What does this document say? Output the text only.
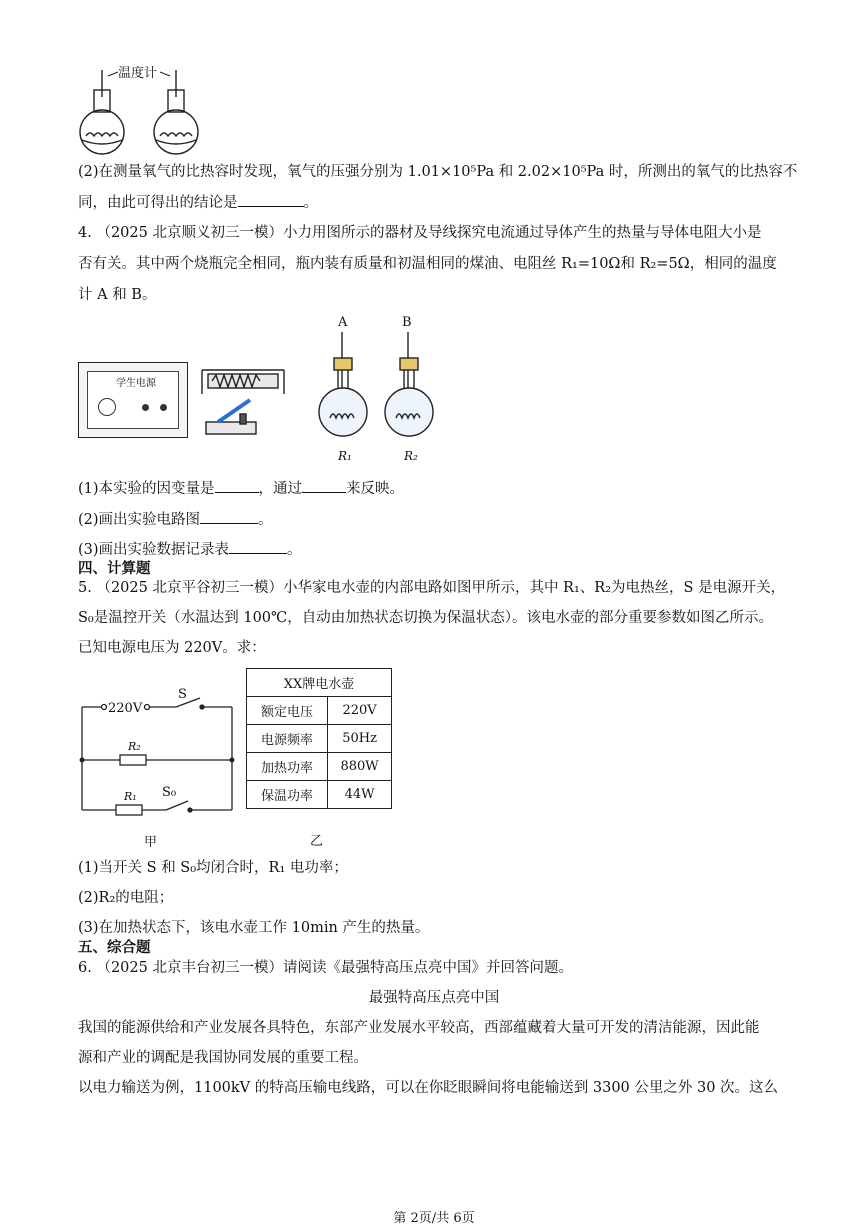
温度计
(2)在测量氧气的比热容时发现，氧气的压强分别为 1.01×10⁵Pa 和 2.02×10⁵Pa 时，所测出的氧气的比热容不
同，由此可得出的结论是	。
4. （2025 北京顺义初三一模）小力用图所示的器材及导线探究电流通过导体产生的热量与导体电阻大小是
否有关。其中两个烧瓶完全相同，瓶内装有质量和初温相同的煤油、电阻丝 R₁=10Ω和 R₂=5Ω，相同的温度
计 A 和 B。
学生电源
A	B
R₁	R₂
(1)本实验的因变量是	，通过	来反映。
(2)画出实验电路图	。
(3)画出实验数据记录表	。
四、计算题
5. （2025 北京平谷初三一模）小华家电水壶的内部电路如图甲所示，其中 R₁、R₂为电热丝，S 是电源开关，
S₀是温控开关（水温达到 100℃，自动由加热状态切换为保温状态）。该电水壶的部分重要参数如图乙所示。
已知电源电压为 220V。求：
220V
S
R₂
R₁ S₀
甲
XX牌电水壶	
额定电压	220V
电源频率	50Hz
加热功率	880W
保温功率	44W
乙
(1)当开关 S 和 S₀均闭合时，R₁ 电功率；
(2)R₂的电阻；
(3)在加热状态下，该电水壶工作 10min 产生的热量。
五、综合题
6. （2025 北京丰台初三一模）请阅读《最强特高压点亮中国》并回答问题。
最强特高压点亮中国
我国的能源供给和产业发展各具特色，东部产业发展水平较高，西部蕴藏着大量可开发的清洁能源，因此能
源和产业的调配是我国协同发展的重要工程。
以电力输送为例，1100kV 的特高压输电线路，可以在你眨眼瞬间将电能输送到 3300 公里之外 30 次。这么
第 2页/共 6页
